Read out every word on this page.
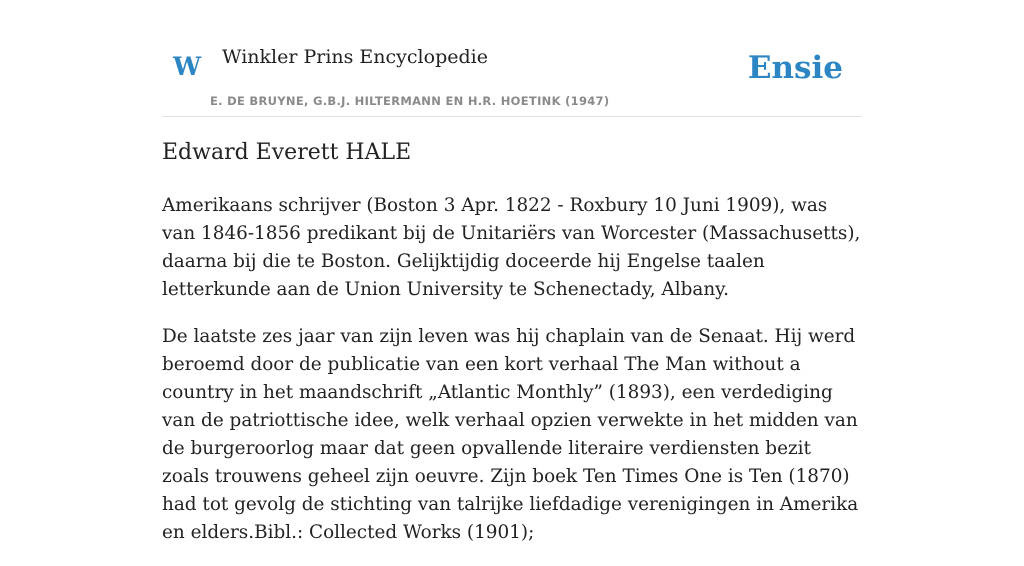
W Winkler Prins Encyclopedie
E. DE BRUYNE, G.B.J. HILTERMANN EN H.R. HOETINK (1947)
Ensie
Edward Everett HALE

Amerikaans schrijver (Boston 3 Apr. 1822 - Roxbury 10 Juni 1909), was van 1846-1856 predikant bij de Unitariërs van Worcester (Massachusetts), daarna bij die te Boston. Gelijktijdig doceerde hij Engelse taalen letterkunde aan de Union University te Schenectady, Albany.

De laatste zes jaar van zijn leven was hij chaplain van de Senaat. Hij werd beroemd door de publicatie van een kort verhaal The Man without a country in het maandschrift „Atlantic Monthly” (1893), een verdediging van de patriottische idee, welk verhaal opzien verwekte in het midden van de burgeroorlog maar dat geen opvallende literaire verdiensten bezit zoals trouwens geheel zijn oeuvre. Zijn boek Ten Times One is Ten (1870) had tot gevolg de stichting van talrijke liefdadige verenigingen in Amerika en elders.Bibl.: Collected Works (1901);
